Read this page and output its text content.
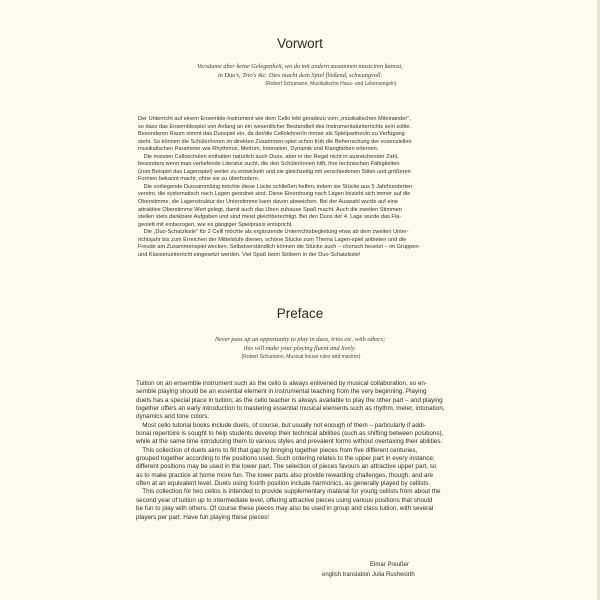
Vorwort
Versäume aber keine Gelegenheit, wo du mit andern zusammen musiciren kannst,
in Duo's, Trio's &c. Dies macht dein Spiel fließend, schwungvoll.
(Robert Schumann, Musikalische Haus- und Lebensregeln)
Der Unterricht auf einem Ensemble-Instrument wie dem Cello lebt geradezu vom „musikalischen Miteinander",
so dass das Ensemblespiel von Anfang an ein wesentlicher Bestandteil des Instrumentalunterrichts sein sollte.
Besonderen Raum nimmt das Duospiel ein, da der/die Cellolehrer/in immer als Spielpartner/in zu Verfügung
steht. So können die Schüler/innen im direkten Zusammen-spiel schon früh die Beherrschung der essenziellen
musikalischen Parameter wie Rhythmus, Metrum, Intonation, Dynamik und Klangfarben erlernen.
 Die meisten Celloschulen enthalten natürlich auch Duos, aber in der Regel nicht in ausreichender Zahl,
besonders wenn man vertiefende Literatur sucht, die den Schüler/innen hilft, ihre technischen Fähigkeiten
(zum Beispiel das Lagenspiel) weiter zu entwickeln und sie gleichzeitig mit verschiedenen Stilen und größeren
Formen bekannt macht, ohne sie zu überfordern.
 Die vorliegende Duosammlung möchte diese Lücke schließen helfen, indem sie Stücke aus 5 Jahrhunderten
vereint, die systematisch nach Lagen geordnet sind. Diese Einordnung nach Lagen bezieht sich immer auf die
Oberstimme, die Lagenstruktur der Unterstimme kann davon abweichen. Bei der Auswahl wurde auf eine
attraktive Oberstimme Wert gelegt, damit auch das Üben zuhause Spaß macht. Auch die zweiten Stimmen
stellen stets dankbare Aufgaben und sind meist gleichberechtigt. Bei den Duos der 4. Lage wurde das Fla-
geolett mit einbezogen, wie es gängiger Spielpraxis entspricht.
 Die „Duo-Schatzkiste" für 2 Celli möchte als ergänzende Unterrichtsbegleitung etwa ab dem zweiten Unter-
richtsjahr bis zum Erreichen der Mittelstufe dienen, schöne Stücke zum Thema Lagen-spiel anbieten und die
Freude am Zusammenspiel wecken. Selbstverständlich können die Stücke auch – chorisch besetzt – im Gruppen-
und Klassenunterricht eingesetzt werden. Viel Spaß beim Stöbern in der Duo-Schatzkiste!
Preface
Never pass up an opportunity to play in duos, trios etc. with others;
this will make your playing fluent and lively.
(Robert Schumann, Musical house rules and maxims)
Tuition on an ensemble instrument such as the cello is always enlivened by musical collaboration, so en-
semble playing should be an essential element in instrumental teaching from the very beginning. Playing
duets has a special place in tuition, as the cello teacher is always available to play the other part – and playing
together offers an early introduction to mastering essential musical elements such as rhythm, meter, intonation,
dynamics and tone colors.
 Most cello tutorial books include duets, of course, but usually not enough of them – particularly if addi-
tional repertoire is sought to help students develop their technical abilities (such as shifting between positions),
while at the same time introducing them to various styles and prevalent forms without overtaxing their abilities.
 This collection of duets aims to fill that gap by bringing together pieces from five different centuries,
grouped together according to the positions used. Such ordering relates to the upper part in every instance;
different positions may be used in the lower part. The selection of pieces favours an attractive upper part, so
as to make practice at home more fun. The lower parts also provide rewarding challenges, though, and are
often at an equivalent level. Duets using fourth position include harmonics, as generally played by cellists.
 This collection for two cellos is intended to provide supplementary material for young cellists from about the
second year of tuition up to intermediate level, offering attractive pieces using various positions that should
be fun to play with others. Of course these pieces may also be used in group and class tuition, with several
players per part. Have fun playing these pieces!
Elmar Preußer
english translation Julia Rushworth
